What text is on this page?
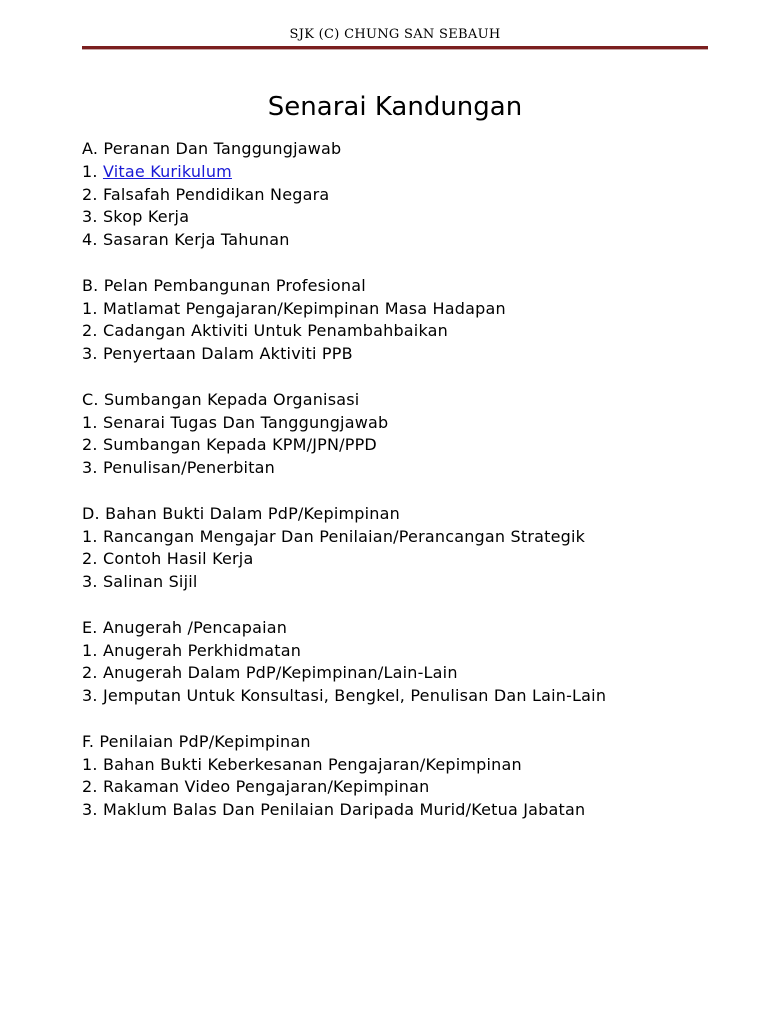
SJK (C) CHUNG SAN SEBAUH
Senarai Kandungan
A. Peranan Dan Tanggungjawab
1. Vitae Kurikulum
2. Falsafah Pendidikan Negara
3. Skop Kerja
4. Sasaran Kerja Tahunan
B. Pelan Pembangunan Profesional
1. Matlamat Pengajaran/Kepimpinan Masa Hadapan
2. Cadangan Aktiviti Untuk Penambahbaikan
3. Penyertaan Dalam Aktiviti PPB
C. Sumbangan Kepada Organisasi
1. Senarai Tugas Dan Tanggungjawab
2. Sumbangan Kepada KPM/JPN/PPD
3. Penulisan/Penerbitan
D. Bahan Bukti Dalam PdP/Kepimpinan
1. Rancangan Mengajar Dan Penilaian/Perancangan Strategik
2. Contoh Hasil Kerja
3. Salinan Sijil
E. Anugerah /Pencapaian
1. Anugerah Perkhidmatan
2. Anugerah Dalam PdP/Kepimpinan/Lain-Lain
3. Jemputan Untuk Konsultasi, Bengkel, Penulisan Dan Lain-Lain
F. Penilaian PdP/Kepimpinan
1. Bahan Bukti Keberkesanan Pengajaran/Kepimpinan
2. Rakaman Video Pengajaran/Kepimpinan
3. Maklum Balas Dan Penilaian Daripada Murid/Ketua Jabatan
